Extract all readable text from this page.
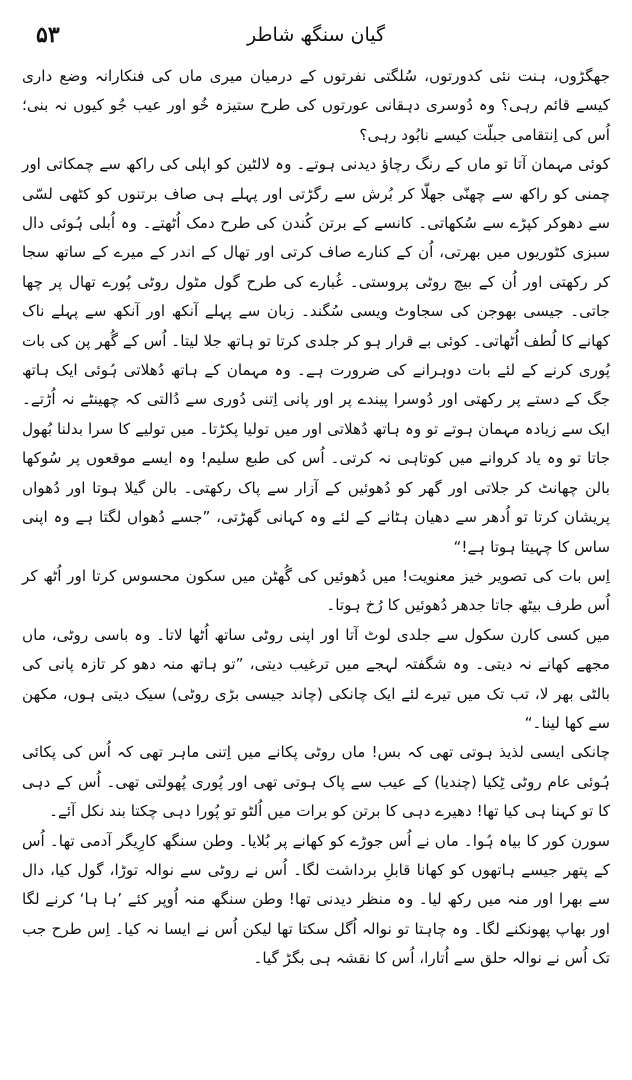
۵۳	گیان سنگھ شاطر

جھگڑوں، ہنت نئی کدورتوں، سُلگتی نفرتوں کے درمیان میری ماں کی فنکارانہ وضع داری کیسے قائم رہی؟ وہ دُوسری دہقانی عورتوں کی طرح ستیزہ خُو اور عیب جُو کیوں نہ بنی؛ اُس کی اِنتقامی جبلّت کیسے نابُود رہی؟

کوئی مہمان آتا تو ماں کے رنگ رچاؤ دیدنی ہوتے۔ وہ لالٹین کو اپلی کی راکھ سے چمکاتی اور چمنی کو راکھ سے چھنّی جھلّا کر بُرش سے رگڑتی اور پہلے ہی صاف برتنوں کو کٹھی لسّی سے دھوکر کپڑے سے سُکھاتی۔ کانسے کے برتن کُندن کی طرح دمک اُٹھتے۔ وہ اُبلی ہُوئی دال سبزی کٹوریوں میں بھرتی، اُن کے کنارے صاف کرتی اور تھال کے اندر کے میرے کے ساتھ سجا کر رکھتی اور اُن کے بیچ روٹی پروستی۔ غُبارے کی طرح گول مٹول روٹی پُورے تھال پر چھا جاتی۔ جیسی بھوجن کی سجاوٹ ویسی سُگند۔ زبان سے پہلے آنکھ اور آنکھ سے پہلے ناک کھانے کا لُطف اُٹھاتی۔ کوئی بے قرار ہو کر جلدی کرتا تو ہاتھ جلا لیتا۔ اُس کے گُھر پن کی بات پُوری کرنے کے لئے بات دوہرانے کی ضرورت ہے۔ وہ مہمان کے ہاتھ دُھلاتی ہُوئی ایک ہاتھ جگ کے دستے پر رکھتی اور دُوسرا پیندے پر اور پانی اِتنی دُوری سے دُالتی کہ چھینٹے نہ اُڑتے۔ ایک سے زیادہ مہمان ہوتے تو وہ ہاتھ دُھلاتی اور میں تولیا پکڑتا۔ میں تولیے کا سرا بدلنا بُھول جاتا تو وہ یاد کروانے میں کوتاہی نہ کرتی۔ اُس کی طبع سلیم! وہ ایسے موقعوں پر سُوکھا بالن چھانٹ کر جلاتی اور گھر کو دُھوئیں کے آزار سے پاک رکھتی۔ بالن گیلا ہوتا اور دُھواں پریشان کرتا تو اُدھر سے دھیان ہٹانے کے لئے وہ کہانی گھڑتی، ”جسے دُھواں لگتا ہے وہ اپنی ساس کا چہیتا ہوتا ہے!“

اِس بات کی تصویر خیز معنویت! میں دُھوئیں کی گُھٹن میں سکون محسوس کرتا اور اُٹھ کر اُس طرف بیٹھ جاتا جدھر دُھوئیں کا رُخ ہوتا۔

میں کسی کارن سکول سے جلدی لوٹ آتا اور اپنی روٹی ساتھ اُٹھا لاتا۔ وہ باسی روٹی، ماں مجھے کھانے نہ دیتی۔ وہ شگفتہ لہجے میں ترغیب دیتی، ”تو ہاتھ منہ دھو کر تازہ پانی کی بالٹی بھر لا، تب تک میں تیرے لئے ایک چانکی (چاند جیسی بڑی روٹی) سیک دیتی ہوں، مکھن سے کھا لینا۔“

چانکی ایسی لذیذ ہوتی تھی کہ بس! ماں روٹی پکانے میں اِتنی ماہر تھی کہ اُس کی پکائی ہُوئی عام روٹی ٹِکیا (چندیا) کے عیب سے پاک ہوتی تھی اور پُوری پُھولتی تھی۔ اُس کے دہی کا تو کہنا ہی کیا تھا! دھیرے دہی کا برتن کو برات میں اُلٹو تو پُورا دہی چکتا بند نکل آئے۔

سورن کور کا بیاہ ہُوا۔ ماں نے اُس جوڑے کو کھانے پر بُلایا۔ وطن سنگھ کارِیگر آدمی تھا۔ اُس کے پتھر جیسے ہاتھوں کو کھانا قابلِ برداشت لگا۔ اُس نے روٹی سے نوالہ توڑا، گول کیا، دال سے بھرا اور منہ میں رکھ لیا۔ وہ منظر دیدنی تھا! وطن سنگھ منہ اُوپر کئے ’ہا ہا‘ کرنے لگا اور بھاپ پھونکنے لگا۔ وہ چاہتا تو نوالہ اُگل سکتا تھا لیکن اُس نے ایسا نہ کیا۔ اِس طرح جب تک اُس نے نوالہ حلق سے اُتارا، اُس کا نقشہ ہی بگڑ گیا۔
